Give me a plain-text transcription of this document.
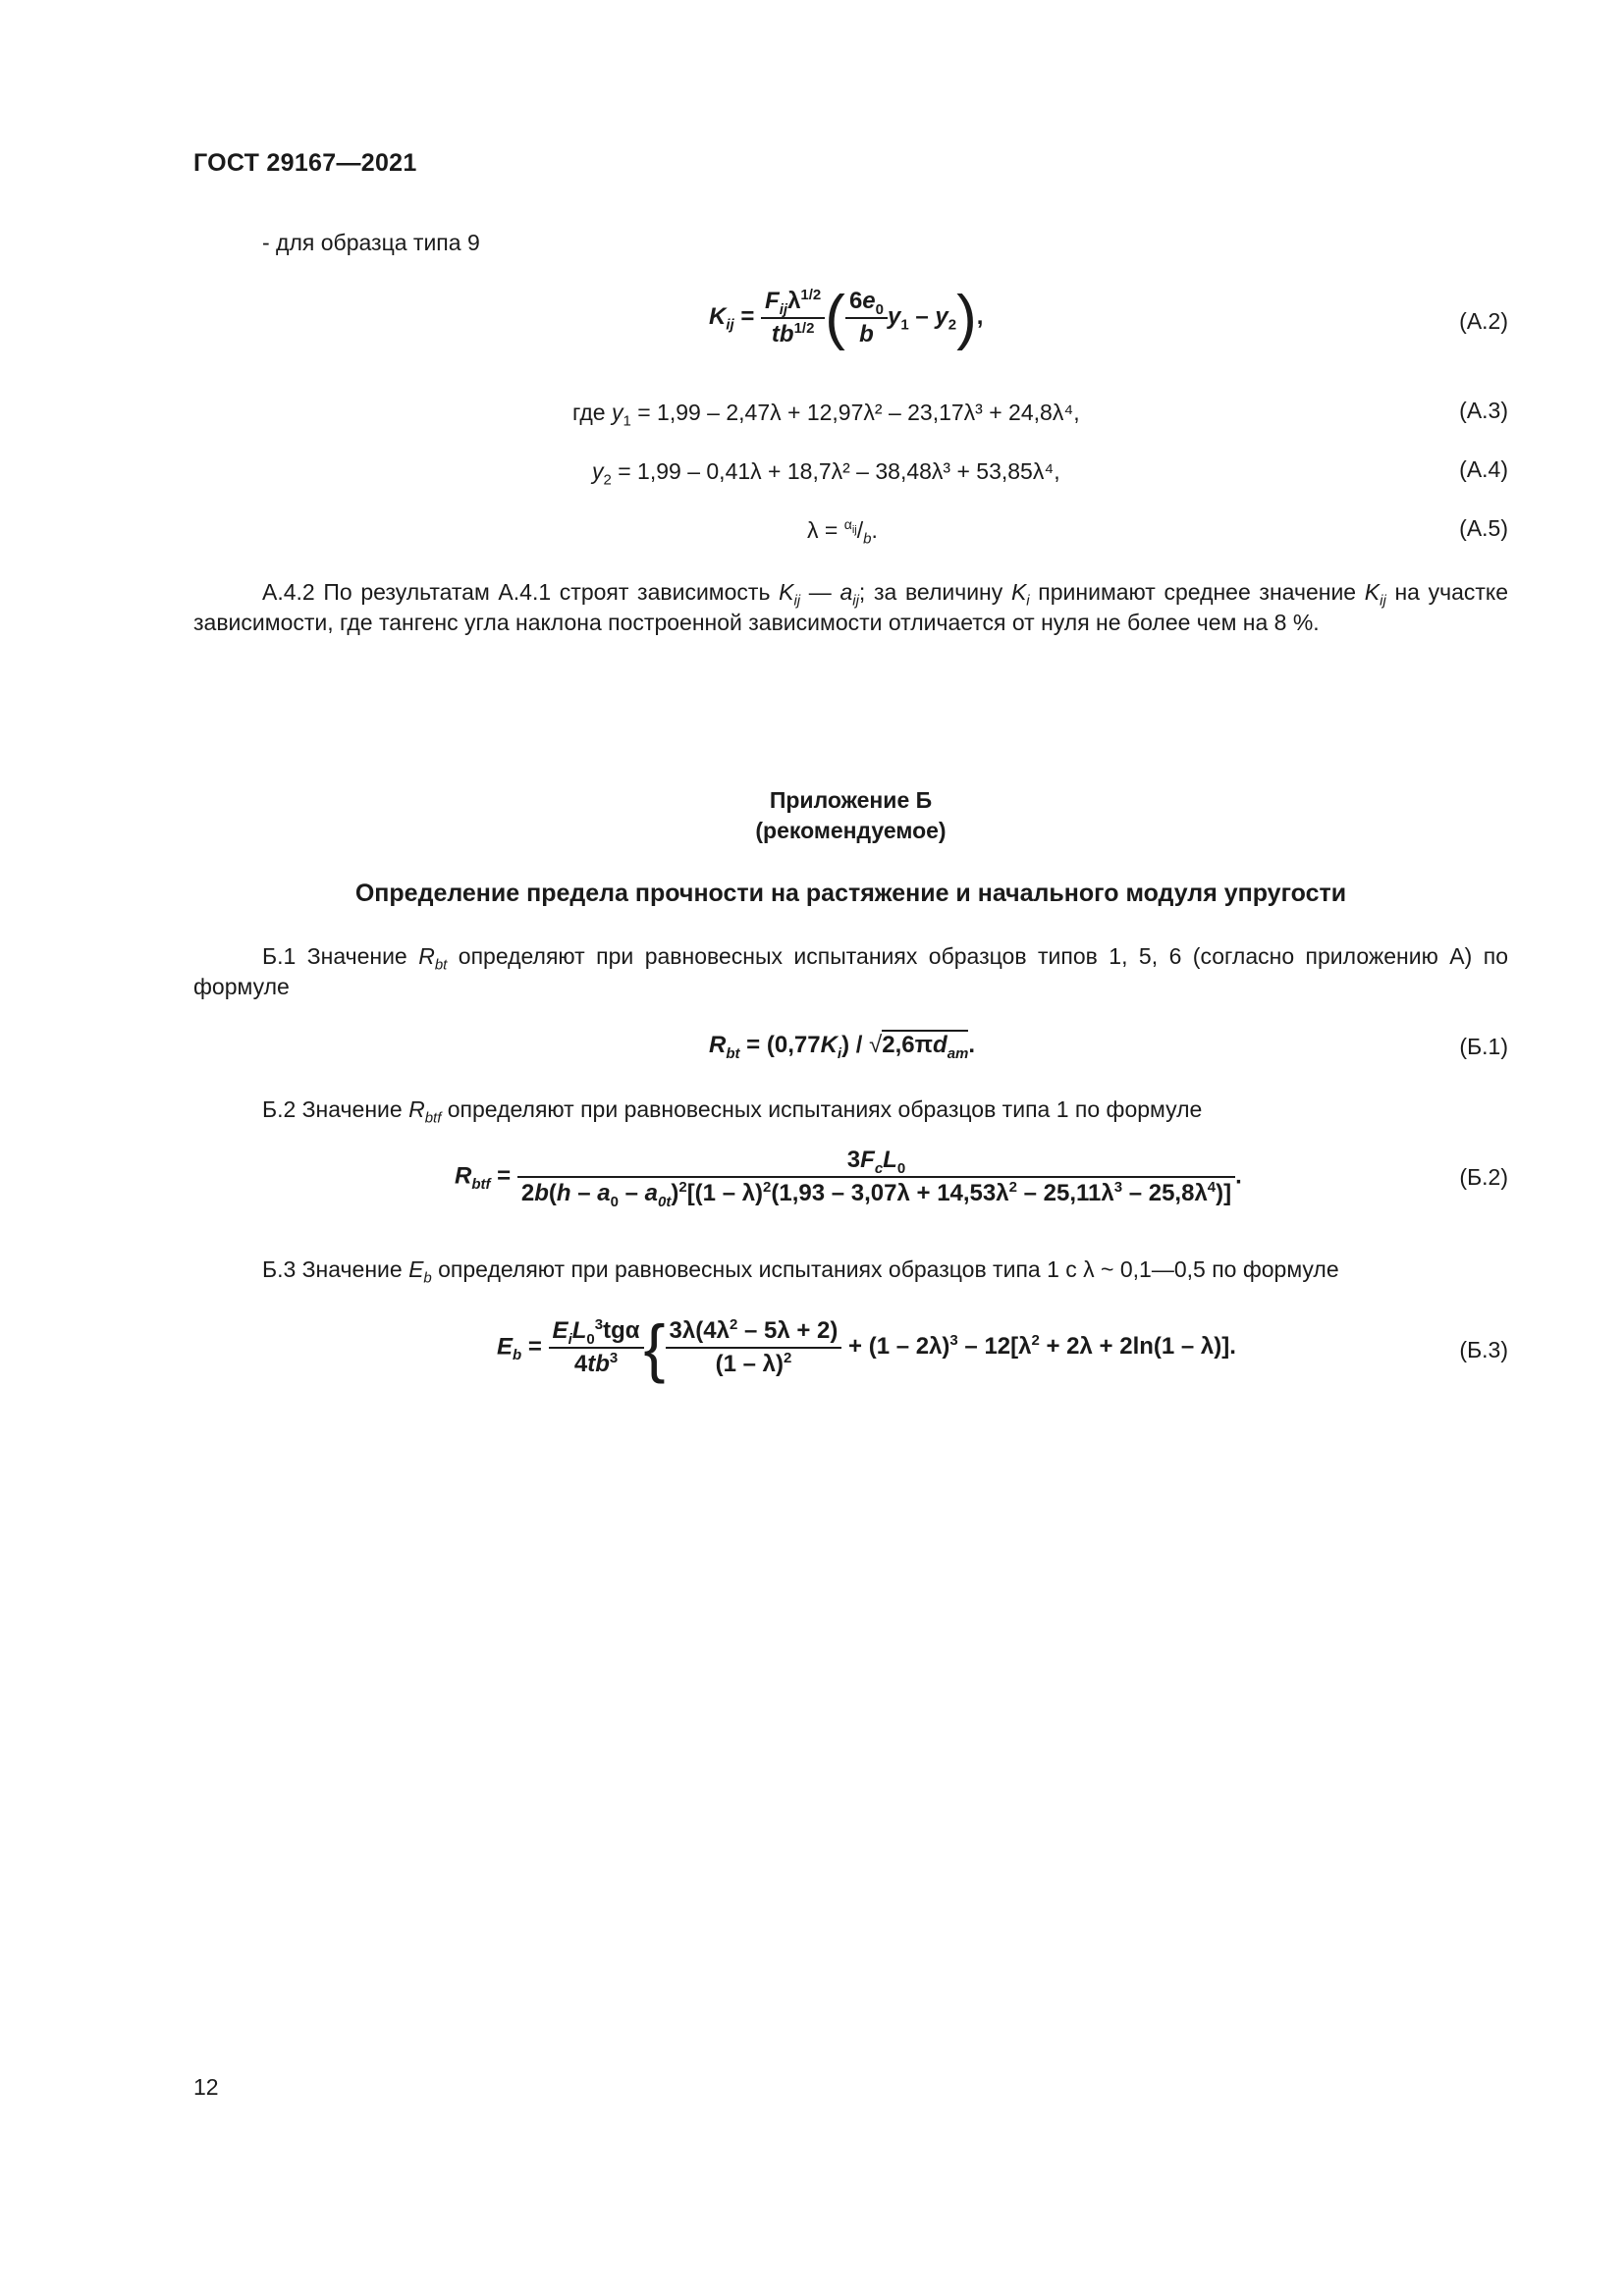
ГОСТ 29167—2021
- для образца типа 9
$K_{ij} = \frac{F_{ij}\lambda^{1/2}}{tb^{1/2}}$ ( $\frac{6e_0}{b} y_1 - y_2$),	(A.2)
где $y_1 = 1,99 - 2,47\lambda + 12,97\lambda^2 - 23,17\lambda^3 + 24,8\lambda^4$,	(A.3)
$y_2 = 1,99 - 0,41\lambda + 18,7\lambda^2 - 38,48\lambda^3 + 53,85\lambda^4$,	(A.4)
$\lambda = ^{\alpha_{ij}}/_b$.	(A.5)
А.4.2 По результатам А.4.1 строят зависимость $K_{ij}$ — $a_{ij}$; за величину $K_i$ принимают среднее значение $K_{ij}$ на участке зависимости, где тангенс угла наклона построенной зависимости отличается от нуля не более чем на 8 %.
Приложение Б
(рекомендуемое)
Определение предела прочности на растяжение и начального модуля упругости
Б.1 Значение $R_{bt}$ определяют при равновесных испытаниях образцов типов 1, 5, 6 (согласно приложению А) по формуле
$R_{bt} = (0,77K_i) / √2,6\pi d_{am}$.	(Б.1)
Б.2 Значение $R_{btf}$ определяют при равновесных испытаниях образцов типа 1 по формуле
$R_{btf}$ =
$3F_cL_0$
$2b(h - a_0 - a_{0t})^2[(1 - \lambda)^2(1,93 - 3,07\lambda + 14,53\lambda^2 - 25,11\lambda^3 - 25,8\lambda^4)]$
.	(Б.2)
Б.3 Значение $E_b$ определяют при равновесных испытаниях образцов типа 1 с λ ~ 0,1—0,5 по формуле
$E_b = \frac{E_iL_0^3tg\alpha}{4tb^3}$ { $\frac{3\lambda(4\lambda^2 - 5\lambda + 2)}{(1 - \lambda)^2} + (1 - 2\lambda)^3 - 12[\lambda^2 + 2\lambda + 2\ln(1 - \lambda)]$.	(Б.3)
12
